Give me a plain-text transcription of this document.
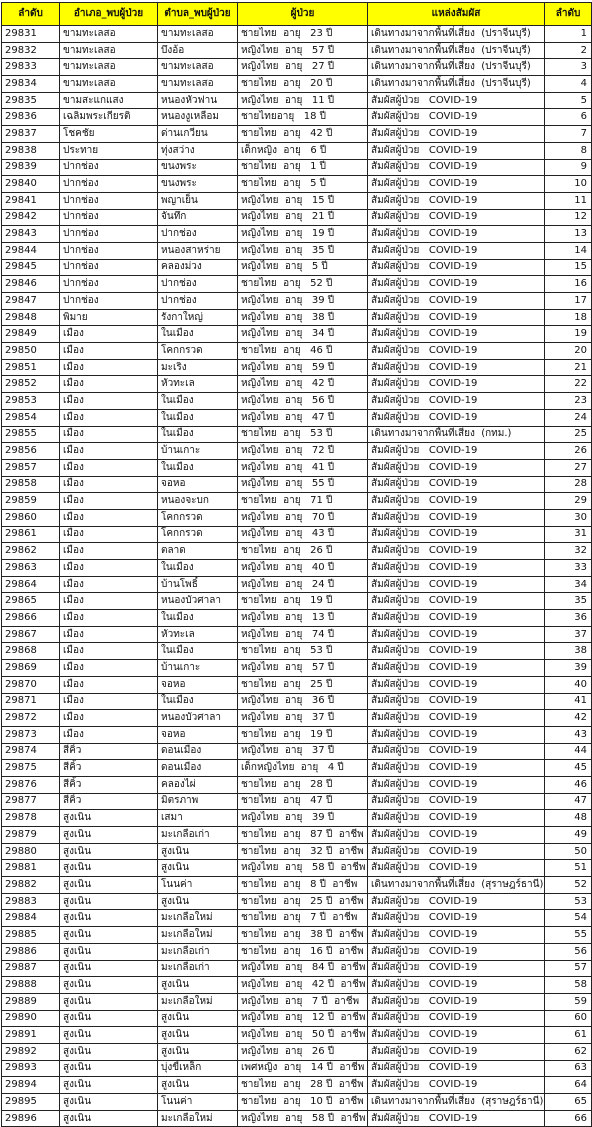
ลำดับ	อำเภอ_พบผู้ป่วย	ตำบล_พบผู้ป่วย	ผู้ป่วย	แหล่งสัมผัส	ลำดับ
29831	ขามทะเลสอ	ขามทะเลสอ	ชายไทย  อายุ   23 ปี	เดินทางมาจากพื้นที่เสี่ยง  (ปราจีนบุรี)	1
29832	ขามทะเลสอ	บึงอ้อ	หญิงไทย  อายุ   57 ปี	เดินทางมาจากพื้นที่เสี่ยง  (ปราจีนบุรี)	2
29833	ขามทะเลสอ	ขามทะเลสอ	หญิงไทย  อายุ   27 ปี	เดินทางมาจากพื้นที่เสี่ยง  (ปราจีนบุรี)	3
29834	ขามทะเลสอ	ขามทะเลสอ	ชายไทย  อายุ   20 ปี	เดินทางมาจากพื้นที่เสี่ยง  (ปราจีนบุรี)	4
29835	ขามสะแกแสง	หนองหัวฟาน	หญิงไทย  อายุ   11 ปี	สัมผัสผู้ป่วย   COVID-19	5
29836	เฉลิมพระเกียรติ	หนองงูเหลือม	ชายไทยอายุ   18 ปี	สัมผัสผู้ป่วย   COVID-19	6
29837	โชคชัย	ด่านเกวียน	ชายไทย  อายุ   42 ปี	สัมผัสผู้ป่วย   COVID-19	7
29838	ประทาย	ทุ่งสว่าง	เด็กหญิง  อายุ   6 ปี	สัมผัสผู้ป่วย   COVID-19	8
29839	ปากช่อง	ขนงพระ	ชายไทย  อายุ   1 ปี	สัมผัสผู้ป่วย   COVID-19	9
29840	ปากช่อง	ขนงพระ	ชายไทย  อายุ   5 ปี	สัมผัสผู้ป่วย   COVID-19	10
29841	ปากช่อง	พญาเย็น	หญิงไทย  อายุ   15 ปี	สัมผัสผู้ป่วย   COVID-19	11
29842	ปากช่อง	จันทึก	หญิงไทย  อายุ   21 ปี	สัมผัสผู้ป่วย   COVID-19	12
29843	ปากช่อง	ปากช่อง	หญิงไทย  อายุ   19 ปี	สัมผัสผู้ป่วย   COVID-19	13
29844	ปากช่อง	หนองสาหร่าย	หญิงไทย  อายุ   35 ปี	สัมผัสผู้ป่วย   COVID-19	14
29845	ปากช่อง	คลองม่วง	หญิงไทย  อายุ   5 ปี	สัมผัสผู้ป่วย   COVID-19	15
29846	ปากช่อง	ปากช่อง	ชายไทย  อายุ   52 ปี	สัมผัสผู้ป่วย   COVID-19	16
29847	ปากช่อง	ปากช่อง	หญิงไทย  อายุ   39 ปี	สัมผัสผู้ป่วย   COVID-19	17
29848	พิมาย	รังกาใหญ่	หญิงไทย  อายุ   38 ปี	สัมผัสผู้ป่วย   COVID-19	18
29849	เมือง	ในเมือง	หญิงไทย  อายุ   34 ปี	สัมผัสผู้ป่วย   COVID-19	19
29850	เมือง	โคกกรวด	ชายไทย  อายุ   46 ปี	สัมผัสผู้ป่วย   COVID-19	20
29851	เมือง	มะเริง	หญิงไทย  อายุ   59 ปี	สัมผัสผู้ป่วย   COVID-19	21
29852	เมือง	หัวทะเล	หญิงไทย  อายุ   42 ปี	สัมผัสผู้ป่วย   COVID-19	22
29853	เมือง	ในเมือง	หญิงไทย  อายุ   56 ปี	สัมผัสผู้ป่วย   COVID-19	23
29854	เมือง	ในเมือง	หญิงไทย  อายุ   47 ปี	สัมผัสผู้ป่วย   COVID-19	24
29855	เมือง	ในเมือง	ชายไทย  อายุ   53 ปี	เดินทางมาจากพื้นที่เสี่ยง  (กทม.)	25
29856	เมือง	บ้านเกาะ	หญิงไทย  อายุ   72 ปี	สัมผัสผู้ป่วย   COVID-19	26
29857	เมือง	ในเมือง	หญิงไทย  อายุ   41 ปี	สัมผัสผู้ป่วย   COVID-19	27
29858	เมือง	จอหอ	หญิงไทย  อายุ   55 ปี	สัมผัสผู้ป่วย   COVID-19	28
29859	เมือง	หนองจะบก	ชายไทย  อายุ   71 ปี	สัมผัสผู้ป่วย   COVID-19	29
29860	เมือง	โคกกรวด	หญิงไทย  อายุ   70 ปี	สัมผัสผู้ป่วย   COVID-19	30
29861	เมือง	โคกกรวด	หญิงไทย  อายุ   43 ปี	สัมผัสผู้ป่วย   COVID-19	31
29862	เมือง	ตลาด	ชายไทย  อายุ   26 ปี	สัมผัสผู้ป่วย   COVID-19	32
29863	เมือง	ในเมือง	หญิงไทย  อายุ   40 ปี	สัมผัสผู้ป่วย   COVID-19	33
29864	เมือง	บ้านโพธิ์	หญิงไทย  อายุ   24 ปี	สัมผัสผู้ป่วย   COVID-19	34
29865	เมือง	หนองบัวศาลา	ชายไทย  อายุ   19 ปี	สัมผัสผู้ป่วย   COVID-19	35
29866	เมือง	ในเมือง	หญิงไทย  อายุ   13 ปี	สัมผัสผู้ป่วย   COVID-19	36
29867	เมือง	หัวทะเล	หญิงไทย  อายุ   74 ปี	สัมผัสผู้ป่วย   COVID-19	37
29868	เมือง	ในเมือง	ชายไทย  อายุ   53 ปี	สัมผัสผู้ป่วย   COVID-19	38
29869	เมือง	บ้านเกาะ	หญิงไทย  อายุ   57 ปี	สัมผัสผู้ป่วย   COVID-19	39
29870	เมือง	จอหอ	ชายไทย  อายุ   25 ปี	สัมผัสผู้ป่วย   COVID-19	40
29871	เมือง	ในเมือง	หญิงไทย  อายุ   36 ปี	สัมผัสผู้ป่วย   COVID-19	41
29872	เมือง	หนองบัวศาลา	หญิงไทย  อายุ   37 ปี	สัมผัสผู้ป่วย   COVID-19	42
29873	เมือง	จอหอ	ชายไทย  อายุ   19 ปี	สัมผัสผู้ป่วย   COVID-19	43
29874	สีคิ้ว	ดอนเมือง	หญิงไทย  อายุ   37 ปี	สัมผัสผู้ป่วย   COVID-19	44
29875	สีคิ้ว	ดอนเมือง	เด็กหญิงไทย  อายุ   4 ปี	สัมผัสผู้ป่วย   COVID-19	45
29876	สีคิ้ว	คลองไผ่	ชายไทย  อายุ   28 ปี	สัมผัสผู้ป่วย   COVID-19	46
29877	สีคิ้ว	มิตรภาพ	ชายไทย  อายุ   47 ปี	สัมผัสผู้ป่วย   COVID-19	47
29878	สูงเนิน	เสมา	หญิงไทย  อายุ   39 ปี	สัมผัสผู้ป่วย   COVID-19	48
29879	สูงเนิน	มะเกลือเก่า	ชายไทย  อายุ   87 ปี  อาชีพ	สัมผัสผู้ป่วย   COVID-19	49
29880	สูงเนิน	สูงเนิน	ชายไทย  อายุ   32 ปี  อาชีพ	สัมผัสผู้ป่วย   COVID-19	50
29881	สูงเนิน	สูงเนิน	หญิงไทย  อายุ   58 ปี  อาชีพ	สัมผัสผู้ป่วย   COVID-19	51
29882	สูงเนิน	โนนค่า	ชายไทย  อายุ   8 ปี  อาชีพ	เดินทางมาจากพื้นที่เสี่ยง  (สุราษฎร์ธานี)	52
29883	สูงเนิน	สูงเนิน	ชายไทย  อายุ   25 ปี  อาชีพ	สัมผัสผู้ป่วย   COVID-19	53
29884	สูงเนิน	มะเกลือใหม่	ชายไทย  อายุ   7 ปี  อาชีพ	สัมผัสผู้ป่วย   COVID-19	54
29885	สูงเนิน	มะเกลือใหม่	ชายไทย  อายุ   38 ปี  อาชีพ	สัมผัสผู้ป่วย   COVID-19	55
29886	สูงเนิน	มะเกลือเก่า	ชายไทย  อายุ   16 ปี  อาชีพ	สัมผัสผู้ป่วย   COVID-19	56
29887	สูงเนิน	มะเกลือเก่า	หญิงไทย  อายุ   84 ปี  อาชีพ	สัมผัสผู้ป่วย   COVID-19	57
29888	สูงเนิน	สูงเนิน	หญิงไทย  อายุ   42 ปี  อาชีพ	สัมผัสผู้ป่วย   COVID-19	58
29889	สูงเนิน	มะเกลือใหม่	หญิงไทย  อายุ   7 ปี  อาชีพ	สัมผัสผู้ป่วย   COVID-19	59
29890	สูงเนิน	สูงเนิน	หญิงไทย  อายุ   12 ปี  อาชีพ	สัมผัสผู้ป่วย   COVID-19	60
29891	สูงเนิน	สูงเนิน	หญิงไทย  อายุ   50 ปี  อาชีพ	สัมผัสผู้ป่วย   COVID-19	61
29892	สูงเนิน	สูงเนิน	หญิงไทย  อายุ   26 ปี	สัมผัสผู้ป่วย   COVID-19	62
29893	สูงเนิน	บุ่งขี้เหล็ก	เพศหญิง  อายุ   14 ปี  อาชีพ	สัมผัสผู้ป่วย   COVID-19	63
29894	สูงเนิน	สูงเนิน	ชายไทย  อายุ   28 ปี  อาชีพ	สัมผัสผู้ป่วย   COVID-19	64
29895	สูงเนิน	โนนค่า	ชายไทย  อายุ   10 ปี  อาชีพ	เดินทางมาจากพื้นที่เสี่ยง  (สุราษฎร์ธานี)	65
29896	สูงเนิน	มะเกลือใหม่	หญิงไทย  อายุ   58 ปี  อาชีพ	สัมผัสผู้ป่วย   COVID-19	66
